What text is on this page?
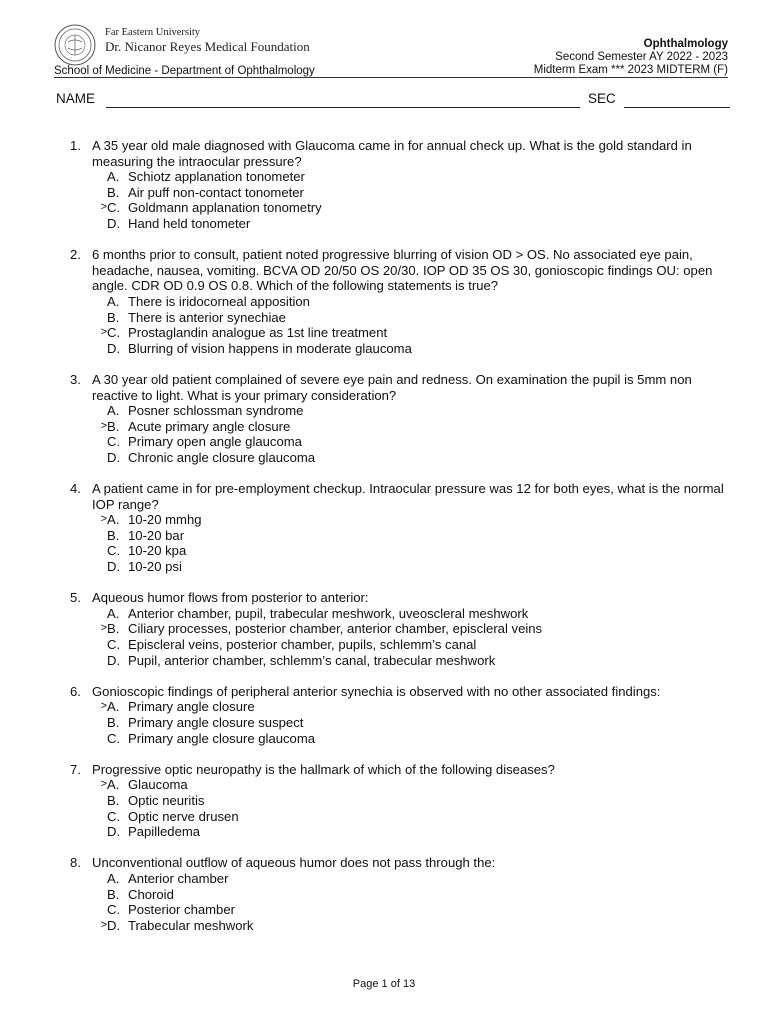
Far Eastern University
Dr. Nicanor Reyes Medical Foundation	Ophthalmology
Second Semester AY 2022 - 2023
Midterm Exam *** 2023 MIDTERM (F)
School of Medicine - Department of Ophthalmology
NAME	SEC
1. A 35 year old male diagnosed with Glaucoma came in for annual check up. What is the gold standard in measuring the intraocular pressure?
A. Schiotz applanation tonometer
B. Air puff non-contact tonometer
> C. Goldmann applanation tonometry
D. Hand held tonometer
2. 6 months prior to consult, patient noted progressive blurring of vision OD > OS. No associated eye pain, headache, nausea, vomiting. BCVA OD 20/50 OS 20/30. IOP OD 35 OS 30, gonioscopic findings OU: open angle. CDR OD 0.9 OS 0.8. Which of the following statements is true?
A. There is iridocorneal apposition
B. There is anterior synechiae
> C. Prostaglandin analogue as 1st line treatment
D. Blurring of vision happens in moderate glaucoma
3. A 30 year old patient complained of severe eye pain and redness. On examination the pupil is 5mm non reactive to light. What is your primary consideration?
A. Posner schlossman syndrome
> B. Acute primary angle closure
C. Primary open angle glaucoma
D. Chronic angle closure glaucoma
4. A patient came in for pre-employment checkup. Intraocular pressure was 12 for both eyes, what is the normal IOP range?
> A. 10-20 mmhg
B. 10-20 bar
C. 10-20 kpa
D. 10-20 psi
5. Aqueous humor flows from posterior to anterior:
A. Anterior chamber, pupil, trabecular meshwork, uveoscleral meshwork
> B. Ciliary processes, posterior chamber, anterior chamber, episcleral veins
C. Episcleral veins, posterior chamber, pupils, schlemm’s canal
D. Pupil, anterior chamber, schlemm’s canal, trabecular meshwork
6. Gonioscopic findings of peripheral anterior synechia is observed with no other associated findings:
> A. Primary angle closure
B. Primary angle closure suspect
C. Primary angle closure glaucoma
7. Progressive optic neuropathy is the hallmark of which of the following diseases?
> A. Glaucoma
B. Optic neuritis
C. Optic nerve drusen
D. Papilledema
8. Unconventional outflow of aqueous humor does not pass through the:
A. Anterior chamber
B. Choroid
C. Posterior chamber
> D. Trabecular meshwork
Page 1 of 13
